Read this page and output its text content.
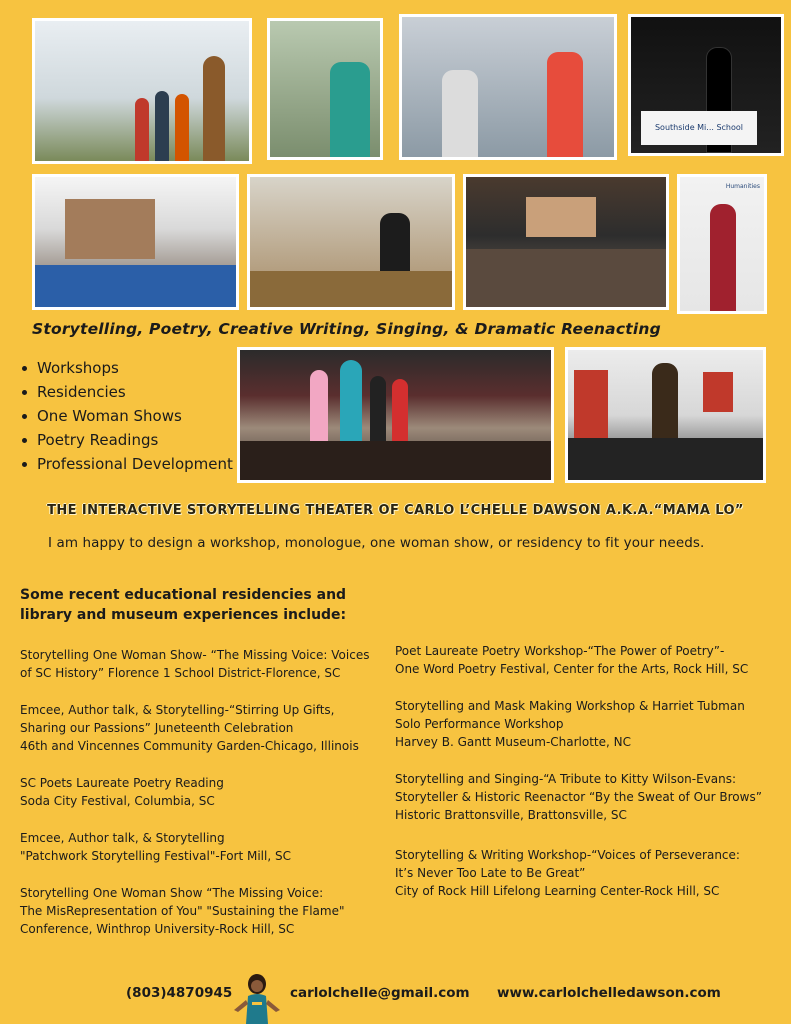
Southside Mi... School
Humanities
Storytelling, Poetry, Creative Writing, Singing, & Dramatic Reenacting
Workshops
Residencies
One Woman Shows
Poetry Readings
Professional Development
THE INTERACTIVE STORYTELLING THEATER OF CARLO L’CHELLE DAWSON A.K.A.“MAMA LO”
I am happy to design a workshop, monologue, one woman show, or residency to fit your needs.
Some recent educational residencies and library and museum experiences include:
Storytelling One Woman Show- “The Missing Voice: Voices
of SC History” Florence 1 School District-Florence, SC
Emcee, Author talk, & Storytelling-“Stirring Up Gifts,
Sharing our Passions” Juneteenth Celebration
46th and Vincennes Community Garden-Chicago, Illinois
SC Poets Laureate Poetry Reading
Soda City Festival, Columbia, SC
Emcee, Author talk, & Storytelling
"Patchwork Storytelling Festival"-Fort Mill, SC
Storytelling One Woman Show “The Missing Voice:
The MisRepresentation of You" "Sustaining the Flame"
Conference, Winthrop University-Rock Hill, SC
Poet Laureate Poetry Workshop-“The Power of Poetry”-
One Word Poetry Festival, Center for the Arts, Rock Hill, SC
Storytelling and Mask Making Workshop & Harriet Tubman
Solo Performance Workshop
Harvey B. Gantt Museum-Charlotte, NC
Storytelling and Singing-“A Tribute to Kitty Wilson-Evans:
Storyteller & Historic Reenactor “By the Sweat of Our Brows”
Historic Brattonsville, Brattonsville, SC
Storytelling & Writing Workshop-“Voices of Perseverance:
It’s Never Too Late to Be Great”
City of Rock Hill Lifelong Learning Center-Rock Hill, SC
(803)4870945	carlolchelle@gmail.com www.carlolchelledawson.com
